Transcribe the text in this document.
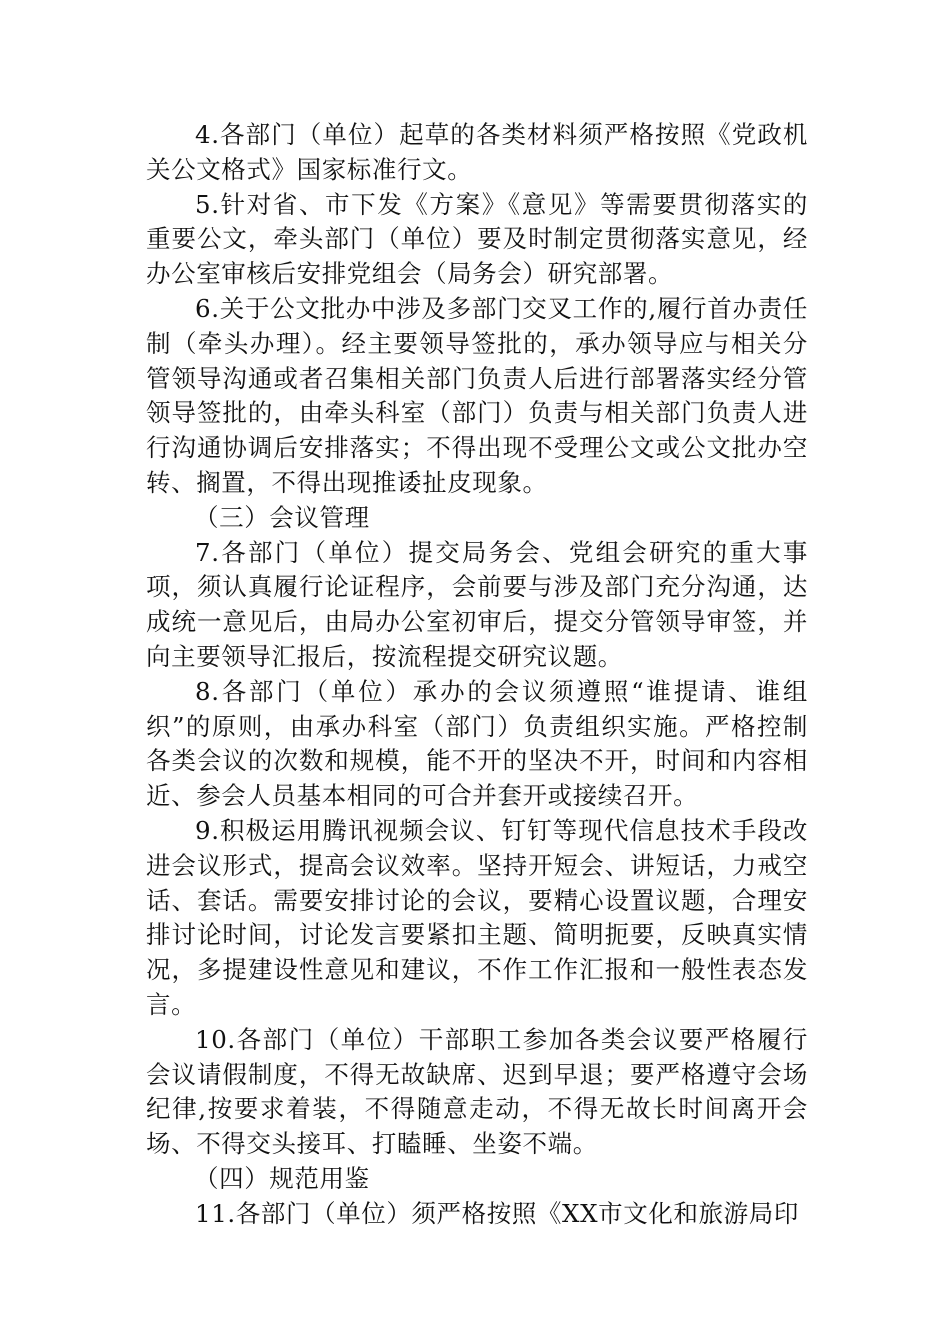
4.各部门（单位）起草的各类材料须严格按照《党政机关公文格式》国家标准行文。

5.针对省、市下发《方案》《意见》等需要贯彻落实的重要公文，牵头部门（单位）要及时制定贯彻落实意见，经办公室审核后安排党组会（局务会）研究部署。

6.关于公文批办中涉及多部门交叉工作的,履行首办责任制（牵头办理）。经主要领导签批的，承办领导应与相关分管领导沟通或者召集相关部门负责人后进行部署落实经分管领导签批的，由牵头科室（部门）负责与相关部门负责人进行沟通协调后安排落实；不得出现不受理公文或公文批办空转、搁置，不得出现推诿扯皮现象。

（三）会议管理

7.各部门（单位）提交局务会、党组会研究的重大事项，须认真履行论证程序，会前要与涉及部门充分沟通，达成统一意见后，由局办公室初审后，提交分管领导审签，并向主要领导汇报后，按流程提交研究议题。

8.各部门（单位）承办的会议须遵照“谁提请、谁组织”的原则，由承办科室（部门）负责组织实施。严格控制各类会议的次数和规模，能不开的坚决不开，时间和内容相近、参会人员基本相同的可合并套开或接续召开。

9.积极运用腾讯视频会议、钉钉等现代信息技术手段改进会议形式，提高会议效率。坚持开短会、讲短话，力戒空话、套话。需要安排讨论的会议，要精心设置议题，合理安排讨论时间，讨论发言要紧扣主题、简明扼要，反映真实情况，多提建设性意见和建议，不作工作汇报和一般性表态发言。

10.各部门（单位）干部职工参加各类会议要严格履行会议请假制度，不得无故缺席、迟到早退；要严格遵守会场纪律,按要求着装，不得随意走动，不得无故长时间离开会场、不得交头接耳、打瞌睡、坐姿不端。

（四）规范用鉴

11.各部门（单位）须严格按照《XX市文化和旅游局印
